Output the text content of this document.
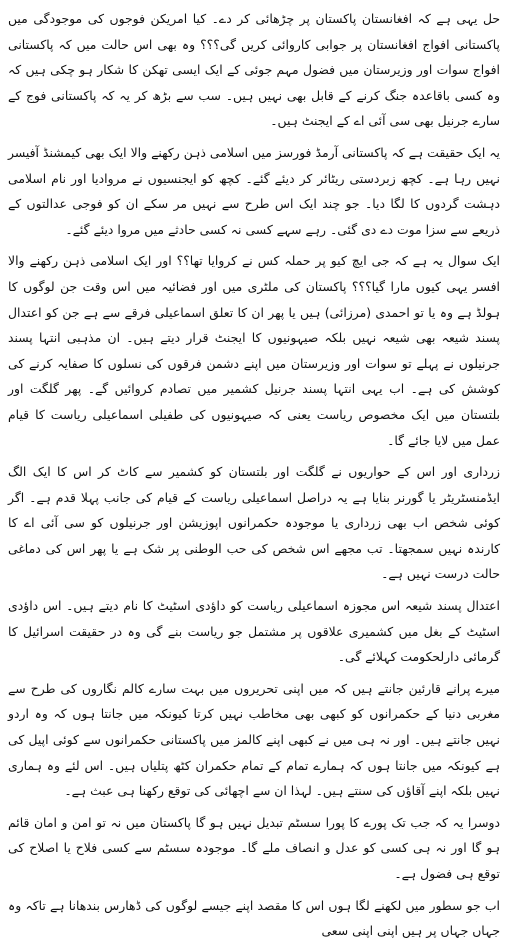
حل یہی ہے کہ افغانستان پاکستان پر چڑھائی کر دے۔ کیا امریکن فوجوں کی موجودگی میں پاکستانی افواج افغانستان پر جوابی کاروائی کریں گی؟؟؟ وہ بھی اس حالت میں کہ پاکستانی افواج سوات اور وزیرستان میں فضول مہم جوئی کے ایک ایسی تھکن کا شکار ہو چکی ہیں کہ وہ کسی باقاعدہ جنگ کرنے کے قابل بھی نہیں ہیں۔ سب سے بڑھ کر یہ کہ پاکستانی فوج کے سارے جرنیل بھی سی آئی اے کے ایجنٹ ہیں۔

یہ ایک حقیقت ہے کہ پاکستانی آرمڈ فورسز میں اسلامی ذہن رکھنے والا ایک بھی کیمشنڈ آفیسر نہیں رہا ہے۔ کچھ زبردستی ریٹائر کر دیئے گئے۔ کچھ کو ایجنسیوں نے مروادیا اور نام اسلامی دہشت گردوں کا لگا دیا۔ جو چند ایک اس طرح سے نہیں مر سکے ان کو فوجی عدالتوں کے ذریعے سے سزا موت دے دی گئی۔ رہے سہے کسی نہ کسی حادثے میں مروا دیئے گئے۔

ایک سوال یہ ہے کہ جی ایچ کیو پر حملہ کس نے کروایا تھا؟؟ اور ایک اسلامی ذہن رکھنے والا افسر یہی کیوں مارا گیا؟؟؟ پاکستان کی ملٹری میں اور فضائیہ میں اس وقت جن لوگوں کا ہولڈ ہے وہ یا تو احمدی (مرزائی) ہیں یا پھر ان کا تعلق اسماعیلی فرقے سے ہے جن کو اعتدال پسند شیعہ بھی شیعہ نہیں بلکہ صیہونیوں کا ایجنٹ قرار دیتے ہیں۔ ان مذہبی انتہا پسند جرنیلوں نے پہلے تو سوات اور وزیرستان میں اپنے دشمن فرقوں کی نسلوں کا صفایہ کرنے کی کوشش کی ہے۔ اب یہی انتہا پسند جرنیل کشمیر میں تصادم کروائیں گے۔ پھر گلگت اور بلتستان میں ایک مخصوص ریاست یعنی کہ صیہونیوں کی طفیلی اسماعیلی ریاست کا قیام عمل میں لایا جائے گا۔

زرداری اور اس کے حواریوں نے گلگت اور بلتستان کو کشمیر سے کاٹ کر اس کا ایک الگ ایڈمنسٹریٹر یا گورنر بنایا ہے یہ دراصل اسماعیلی ریاست کے قیام کی جانب پہلا قدم ہے۔ اگر کوئی شخص اب بھی زرداری یا موجودہ حکمرانوں اپوزیشن اور جرنیلوں کو سی آئی اے کا کارندہ نہیں سمجھتا۔ تب مجھے اس شخص کی حب الوطنی پر شک ہے یا پھر اس کی دماغی حالت درست نہیں ہے۔

اعتدال پسند شیعہ اس مجوزہ اسماعیلی ریاست کو داؤدی اسٹیٹ کا نام دیتے ہیں۔ اس داؤدی اسٹیٹ کے بغل میں کشمیری علاقوں پر مشتمل جو ریاست بنے گی وہ در حقیقت اسرائیل کا گرمائی دارلحکومت کہلائے گی۔

میرے پرانے قارئین جانتے ہیں کہ میں اپنی تحریروں میں بہت سارے کالم نگاروں کی طرح سے مغربی دنیا کے حکمرانوں کو کبھی بھی مخاطب نہیں کرتا کیونکہ میں جانتا ہوں کہ وہ اردو نہیں جانتے ہیں۔ اور نہ ہی میں نے کبھی اپنے کالمز میں پاکستانی حکمرانوں سے کوئی اپیل کی ہے کیونکہ میں جانتا ہوں کہ ہمارے تمام کے تمام حکمران کٹھ پتلیاں ہیں۔ اس لئے وہ ہماری نہیں بلکہ اپنے آقاؤں کی سنتے ہیں۔ لہذا ان سے اچھائی کی توقع رکھنا ہی عبث ہے۔

دوسرا یہ کہ جب تک پورے کا پورا سسٹم تبدیل نہیں ہو گا پاکستان میں نہ تو امن و امان قائم ہو گا اور نہ ہی کسی کو عدل و انصاف ملے گا۔ موجودہ سسٹم سے کسی فلاح یا اصلاح کی توقع ہی فضول ہے۔

اب جو سطور میں لکھنے لگا ہوں اس کا مقصد اپنے جیسے لوگوں کی ڈھارس بندھانا ہے تاکہ وہ جہاں جہاں پر ہیں اپنی اپنی سعی
